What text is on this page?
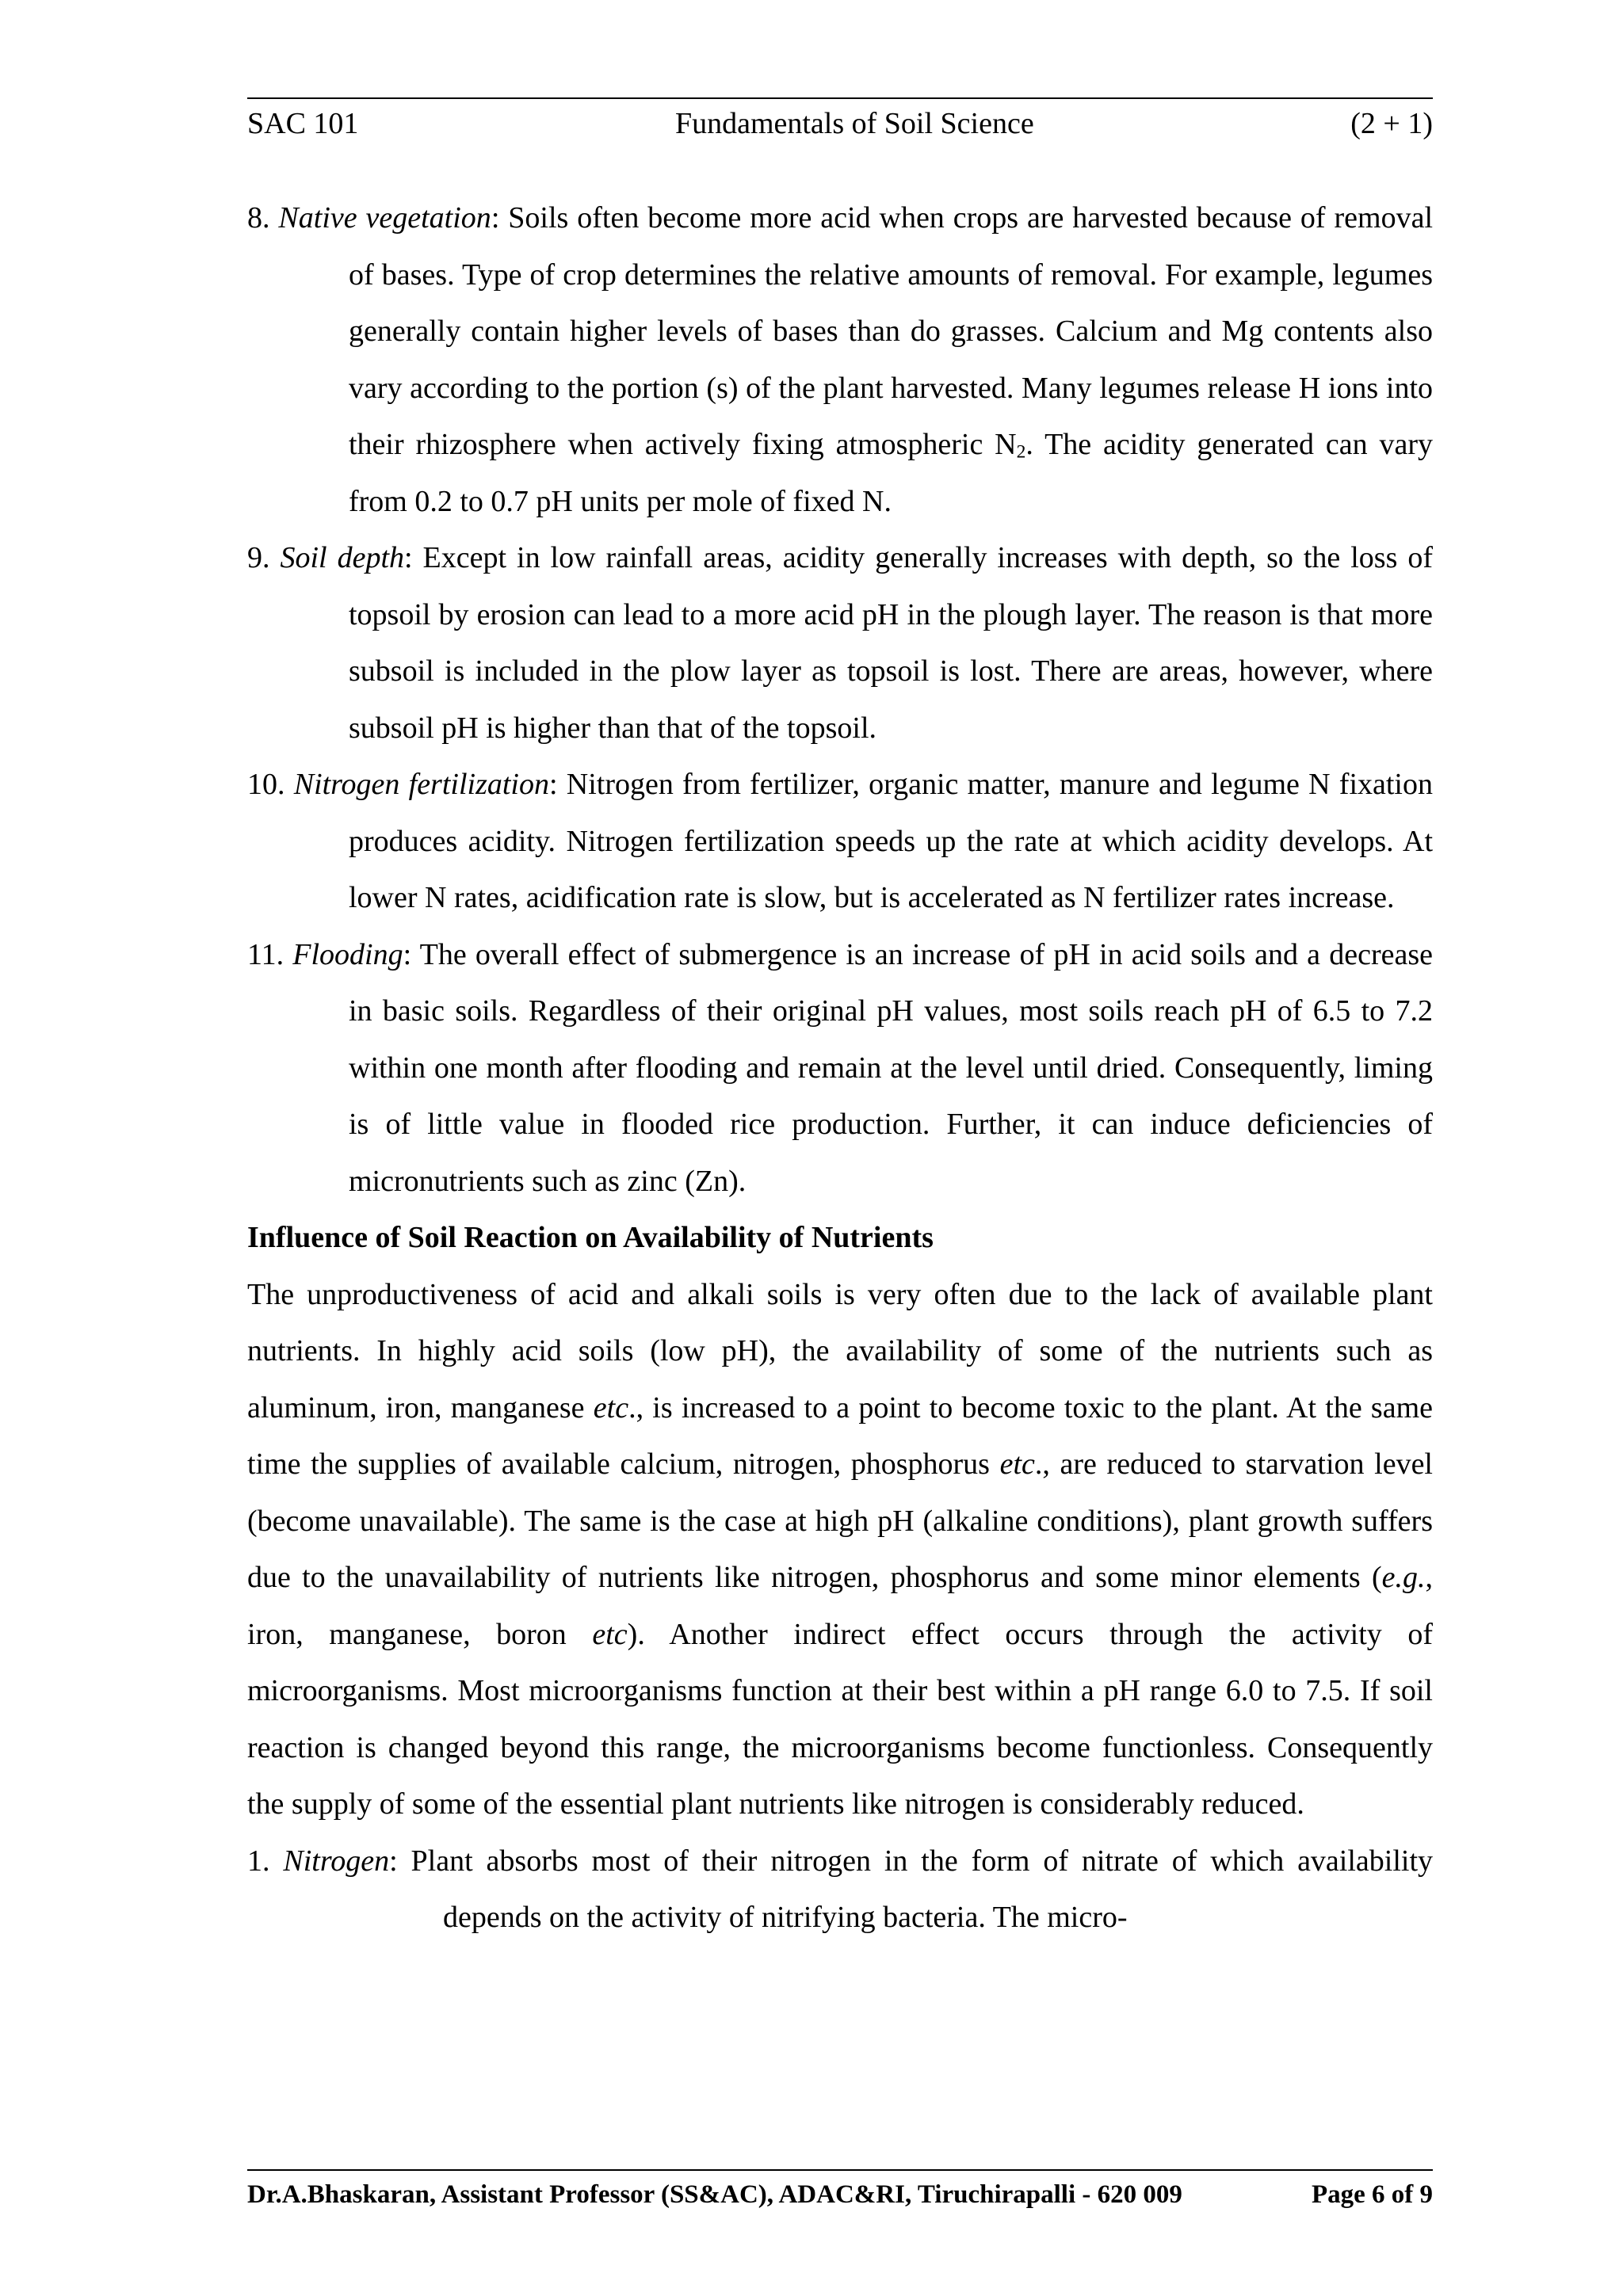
SAC 101	Fundamentals of Soil Science	(2 + 1)

8. Native vegetation: Soils often become more acid when crops are harvested because of removal of bases. Type of crop determines the relative amounts of removal. For example, legumes generally contain higher levels of bases than do grasses. Calcium and Mg contents also vary according to the portion (s) of the plant harvested. Many legumes release H ions into their rhizosphere when actively fixing atmospheric $N_2$. The acidity generated can vary from 0.2 to 0.7 pH units per mole of fixed N.

9. Soil depth: Except in low rainfall areas, acidity generally increases with depth, so the loss of topsoil by erosion can lead to a more acid pH in the plough layer. The reason is that more subsoil is included in the plow layer as topsoil is lost. There are areas, however, where subsoil pH is higher than that of the topsoil.

10. Nitrogen fertilization: Nitrogen from fertilizer, organic matter, manure and legume N fixation produces acidity. Nitrogen fertilization speeds up the rate at which acidity develops. At lower N rates, acidification rate is slow, but is accelerated as N fertilizer rates increase.

11. Flooding: The overall effect of submergence is an increase of pH in acid soils and a decrease in basic soils. Regardless of their original pH values, most soils reach pH of 6.5 to 7.2 within one month after flooding and remain at the level until dried. Consequently, liming is of little value in flooded rice production. Further, it can induce deficiencies of micronutrients such as zinc (Zn).

Influence of Soil Reaction on Availability of Nutrients

The unproductiveness of acid and alkali soils is very often due to the lack of available plant nutrients. In highly acid soils (low pH), the availability of some of the nutrients such as aluminum, iron, manganese etc., is increased to a point to become toxic to the plant. At the same time the supplies of available calcium, nitrogen, phosphorus etc., are reduced to starvation level (become unavailable). The same is the case at high pH (alkaline conditions), plant growth suffers due to the unavailability of nutrients like nitrogen, phosphorus and some minor elements (e.g., iron, manganese, boron etc). Another indirect effect occurs through the activity of microorganisms. Most microorganisms function at their best within a pH range 6.0 to 7.5. If soil reaction is changed beyond this range, the microorganisms become functionless. Consequently the supply of some of the essential plant nutrients like nitrogen is considerably reduced.

1. Nitrogen: Plant absorbs most of their nitrogen in the form of nitrate of which availability depends on the activity of nitrifying bacteria. The micro-

Dr.A.Bhaskaran, Assistant Professor (SS&AC), ADAC&RI, Tiruchirapalli - 620 009	Page 6 of 9
